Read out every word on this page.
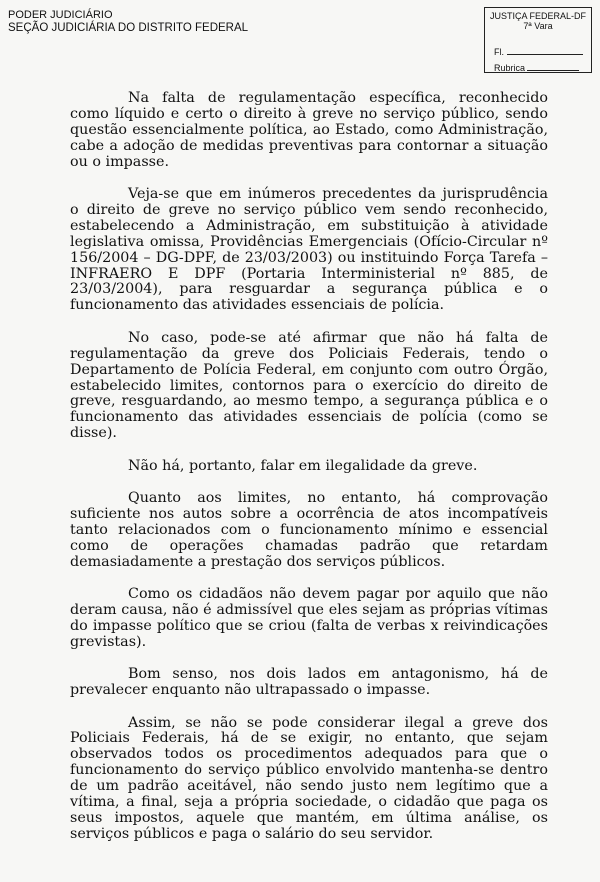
PODER JUDICIÁRIO
SEÇÃO JUDICIÁRIA DO DISTRITO FEDERAL
JUSTIÇA FEDERAL-DF
7ª Vara
Fl.
Rubrica

Na falta de regulamentação específica, reconhecido como líquido e certo o direito à greve no serviço público, sendo questão essencialmente política, ao Estado, como Administração, cabe a adoção de medidas preventivas para contornar a situação ou o impasse.

Veja-se que em inúmeros precedentes da jurisprudência o direito de greve no serviço público vem sendo reconhecido, estabelecendo a Administração, em substituição à atividade legislativa omissa, Providências Emergenciais (Ofício-Circular nº 156/2004 – DG-DPF, de 23/03/2003) ou instituindo Força Tarefa – INFRAERO E DPF (Portaria Interministerial nº 885, de 23/03/2004), para resguardar a segurança pública e o funcionamento das atividades essenciais de polícia.

No caso, pode-se até afirmar que não há falta de regulamentação da greve dos Policiais Federais, tendo o Departamento de Polícia Federal, em conjunto com outro Órgão, estabelecido limites, contornos para o exercício do direito de greve, resguardando, ao mesmo tempo, a segurança pública e o funcionamento das atividades essenciais de polícia (como se disse).

Não há, portanto, falar em ilegalidade da greve.

Quanto aos limites, no entanto, há comprovação suficiente nos autos sobre a ocorrência de atos incompatíveis tanto relacionados com o funcionamento mínimo e essencial como de operações chamadas padrão que retardam demasiadamente a prestação dos serviços públicos.

Como os cidadãos não devem pagar por aquilo que não deram causa, não é admissível que eles sejam as próprias vítimas do impasse político que se criou (falta de verbas x reivindicações grevistas).

Bom senso, nos dois lados em antagonismo, há de prevalecer enquanto não ultrapassado o impasse.

Assim, se não se pode considerar ilegal a greve dos Policiais Federais, há de se exigir, no entanto, que sejam observados todos os procedimentos adequados para que o funcionamento do serviço público envolvido mantenha-se dentro de um padrão aceitável, não sendo justo nem legítimo que a vítima, a final, seja a própria sociedade, o cidadão que paga os seus impostos, aquele que mantém, em última análise, os serviços públicos e paga o salário do seu servidor.
